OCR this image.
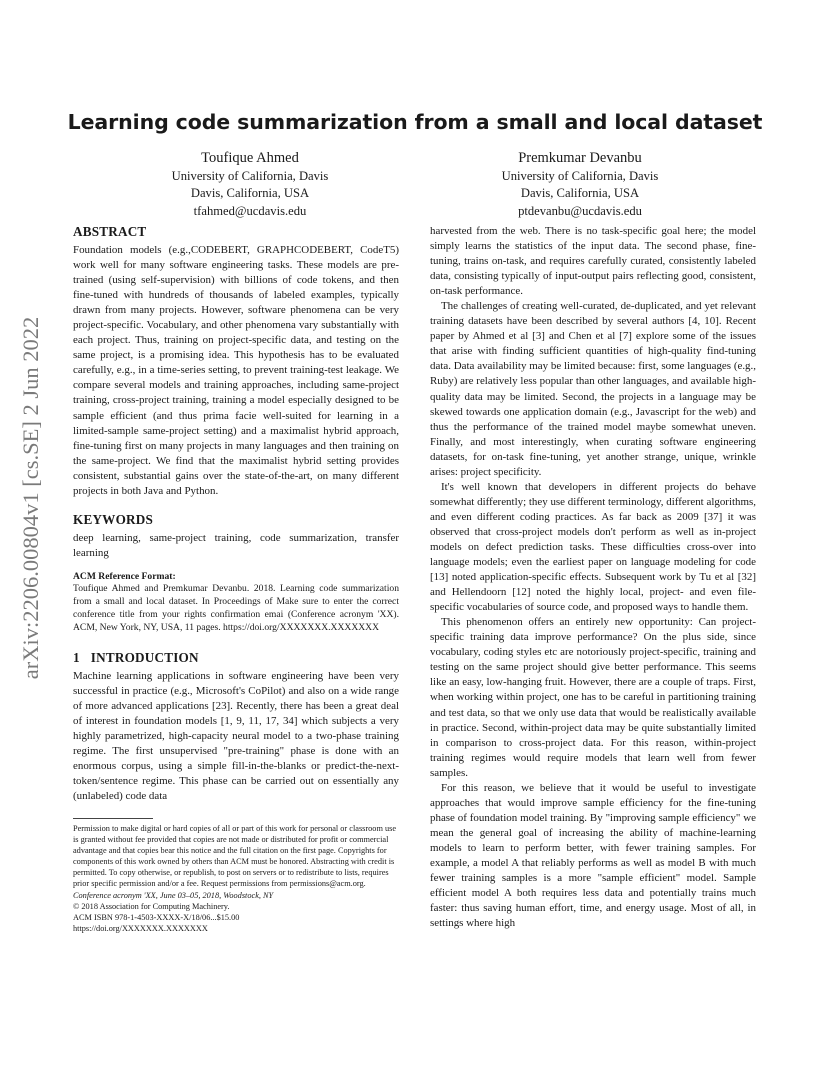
Learning code summarization from a small and local dataset
Toufique Ahmed
University of California, Davis
Davis, California, USA
tfahmed@ucdavis.edu
Premkumar Devanbu
University of California, Davis
Davis, California, USA
ptdevanbu@ucdavis.edu
arXiv:2206.00804v1 [cs.SE] 2 Jun 2022
ABSTRACT

Foundation models (e.g.,CODEBERT, GRAPHCODEBERT, CodeT5) work well for many software engineering tasks. These models are pre-trained (using self-supervision) with billions of code tokens, and then fine-tuned with hundreds of thousands of labeled examples, typically drawn from many projects. However, software phenomena can be very project-specific. Vocabulary, and other phenomena vary substantially with each project. Thus, training on project-specific data, and testing on the same project, is a promising idea. This hypothesis has to be evaluated carefully, e.g., in a time-series setting, to prevent training-test leakage. We compare several models and training approaches, including same-project training, cross-project training, training a model especially designed to be sample efficient (and thus prima facie well-suited for learning in a limited-sample same-project setting) and a maximalist hybrid approach, fine-tuning first on many projects in many languages and then training on the same-project. We find that the maximalist hybrid setting provides consistent, substantial gains over the state-of-the-art, on many different projects in both Java and Python.

KEYWORDS

deep learning, same-project training, code summarization, transfer learning

ACM Reference Format:
Toufique Ahmed and Premkumar Devanbu. 2018. Learning code summarization from a small and local dataset. In Proceedings of Make sure to enter the correct conference title from your rights confirmation emai (Conference acronym 'XX). ACM, New York, NY, USA, 11 pages. https://doi.org/XXXXXXX.XXXXXXX
1 INTRODUCTION

Machine learning applications in software engineering have been very successful in practice (e.g., Microsoft's CoPilot) and also on a wide range of more advanced applications [23]. Recently, there has been a great deal of interest in foundation models [1, 9, 11, 17, 34] which subjects a very highly parametrized, high-capacity neural model to a two-phase training regime. The first unsupervised "pre-training" phase is done with an enormous corpus, using a simple fill-in-the-blanks or predict-the-next-token/sentence regime. This phase can be carried out on essentially any (unlabeled) code data

Permission to make digital or hard copies of all or part of this work for personal or classroom use is granted without fee provided that copies are not made or distributed for profit or commercial advantage and that copies bear this notice and the full citation on the first page. Copyrights for components of this work owned by others than ACM must be honored. Abstracting with credit is permitted. To copy otherwise, or republish, to post on servers or to redistribute to lists, requires prior specific permission and/or a fee. Request permissions from permissions@acm.org.
Conference acronym 'XX, June 03–05, 2018, Woodstock, NY
© 2018 Association for Computing Machinery.
ACM ISBN 978-1-4503-XXXX-X/18/06...$15.00
https://doi.org/XXXXXXX.XXXXXXX

harvested from the web. There is no task-specific goal here; the model simply learns the statistics of the input data. The second phase, fine-tuning, trains on-task, and requires carefully curated, consistently labeled data, consisting typically of input-output pairs reflecting good, consistent, on-task performance.

The challenges of creating well-curated, de-duplicated, and yet relevant training datasets have been described by several authors [4, 10]. Recent paper by Ahmed et al [3] and Chen et al [7] explore some of the issues that arise with finding sufficient quantities of high-quality find-tuning data. Data availability may be limited because: first, some languages (e.g., Ruby) are relatively less popular than other languages, and available high-quality data may be limited. Second, the projects in a language may be skewed towards one application domain (e.g., Javascript for the web) and thus the performance of the trained model maybe somewhat uneven. Finally, and most interestingly, when curating software engineering datasets, for on-task fine-tuning, yet another strange, unique, wrinkle arises: project specificity.

It's well known that developers in different projects do behave somewhat differently; they use different terminology, different algorithms, and even different coding practices. As far back as 2009 [37] it was observed that cross-project models don't perform as well as in-project models on defect prediction tasks. These difficulties cross-over into language models; even the earliest paper on language modeling for code [13] noted application-specific effects. Subsequent work by Tu et al [32] and Hellendoorn [12] noted the highly local, project- and even file-specific vocabularies of source code, and proposed ways to handle them.

This phenomenon offers an entirely new opportunity: Can project-specific training data improve performance? On the plus side, since vocabulary, coding styles etc are notoriously project-specific, training and testing on the same project should give better performance. This seems like an easy, low-hanging fruit. However, there are a couple of traps. First, when working within project, one has to be careful in partitioning training and test data, so that we only use data that would be realistically available in practice. Second, within-project data may be quite substantially limited in comparison to cross-project data. For this reason, within-project training regimes would require models that learn well from fewer samples.

For this reason, we believe that it would be useful to investigate approaches that would improve sample efficiency for the fine-tuning phase of foundation model training. By "improving sample efficiency" we mean the general goal of increasing the ability of machine-learning models to learn to perform better, with fewer training samples. For example, a model A that reliably performs as well as model B with much fewer training samples is a more "sample efficient" model. Sample efficient model A both requires less data and potentially trains much faster: thus saving human effort, time, and energy usage. Most of all, in settings where high
